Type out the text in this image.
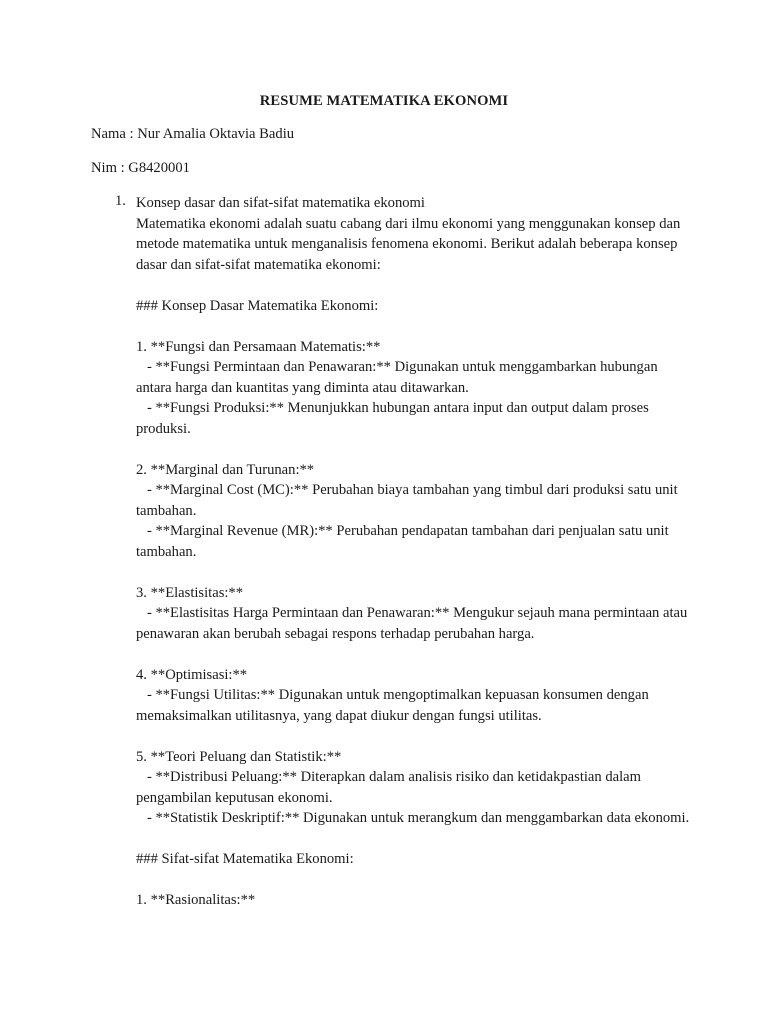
RESUME MATEMATIKA EKONOMI
Nama : Nur Amalia Oktavia Badiu
Nim : G8420001
1. Konsep dasar dan sifat-sifat matematika ekonomi

Matematika ekonomi adalah suatu cabang dari ilmu ekonomi yang menggunakan konsep dan metode matematika untuk menganalisis fenomena ekonomi. Berikut adalah beberapa konsep dasar dan sifat-sifat matematika ekonomi:

### Konsep Dasar Matematika Ekonomi:

1. **Fungsi dan Persamaan Matematis:**

- **Fungsi Permintaan dan Penawaran:** Digunakan untuk menggambarkan hubungan antara harga dan kuantitas yang diminta atau ditawarkan.

- **Fungsi Produksi:** Menunjukkan hubungan antara input dan output dalam proses produksi.

2. **Marginal dan Turunan:**

- **Marginal Cost (MC):** Perubahan biaya tambahan yang timbul dari produksi satu unit tambahan.

- **Marginal Revenue (MR):** Perubahan pendapatan tambahan dari penjualan satu unit tambahan.

3. **Elastisitas:**

- **Elastisitas Harga Permintaan dan Penawaran:** Mengukur sejauh mana permintaan atau penawaran akan berubah sebagai respons terhadap perubahan harga.

4. **Optimisasi:**

- **Fungsi Utilitas:** Digunakan untuk mengoptimalkan kepuasan konsumen dengan memaksimalkan utilitasnya, yang dapat diukur dengan fungsi utilitas.

5. **Teori Peluang dan Statistik:**

- **Distribusi Peluang:** Diterapkan dalam analisis risiko dan ketidakpastian dalam pengambilan keputusan ekonomi.

- **Statistik Deskriptif:** Digunakan untuk merangkum dan menggambarkan data ekonomi.

### Sifat-sifat Matematika Ekonomi:

1. **Rasionalitas:**
